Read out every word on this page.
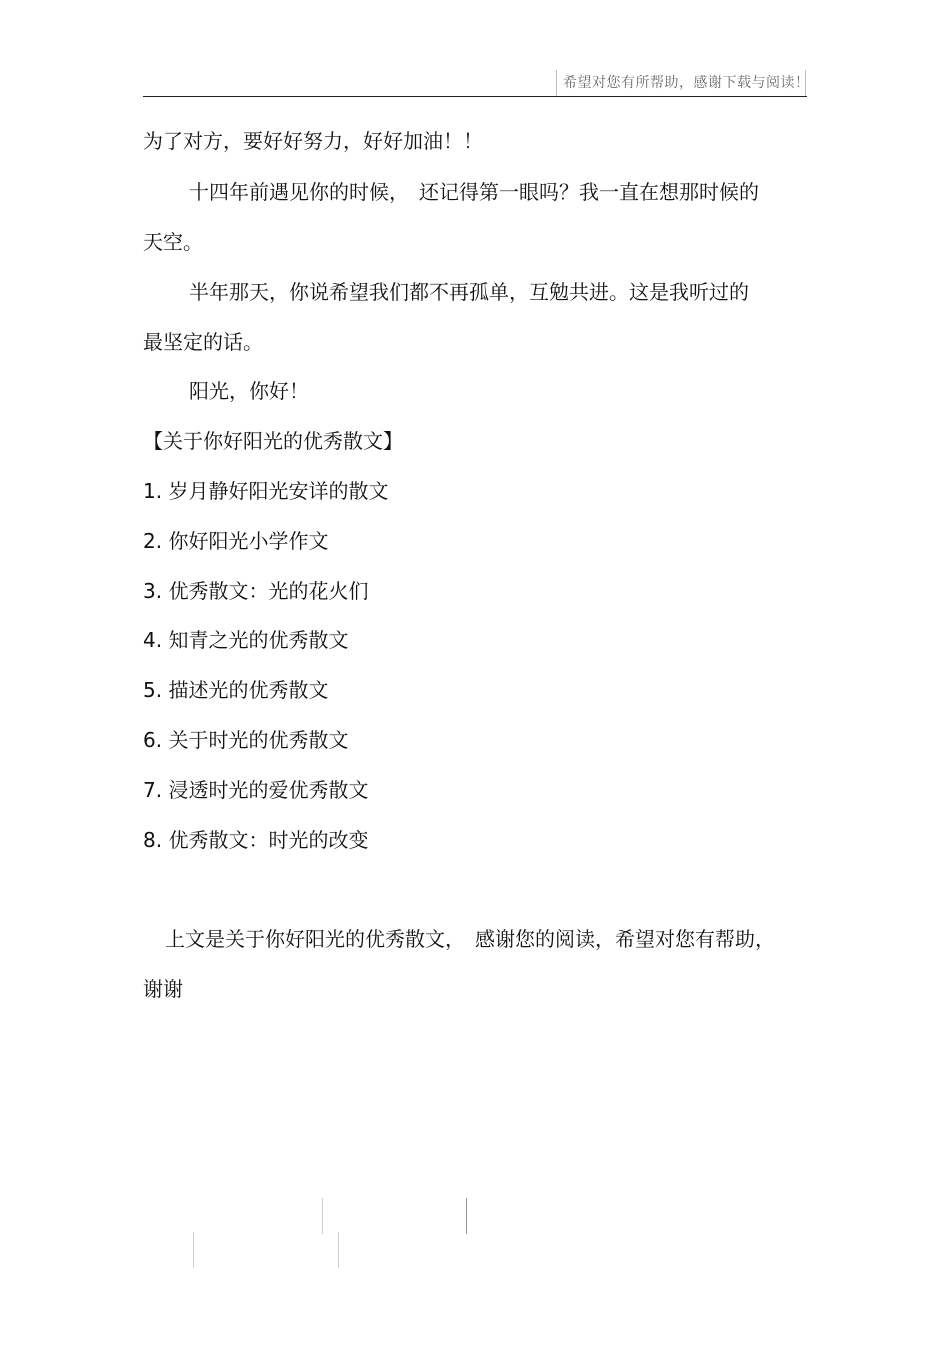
希望对您有所帮助，感谢下载与阅读！
为了对方，要好好努力，好好加油！！
十四年前遇见你的时候，　还记得第一眼吗？我一直在想那时候的
天空。
半年那天，你说希望我们都不再孤单，互勉共进。这是我听过的
最坚定的话。
阳光，你好！
【关于你好阳光的优秀散文】
1. 岁月静好阳光安详的散文
2. 你好阳光小学作文
3. 优秀散文：光的花火们
4. 知青之光的优秀散文
5. 描述光的优秀散文
6. 关于时光的优秀散文
7. 浸透时光的爱优秀散文
8. 优秀散文：时光的改变
上文是关于你好阳光的优秀散文，　感谢您的阅读，希望对您有帮助，
谢谢
